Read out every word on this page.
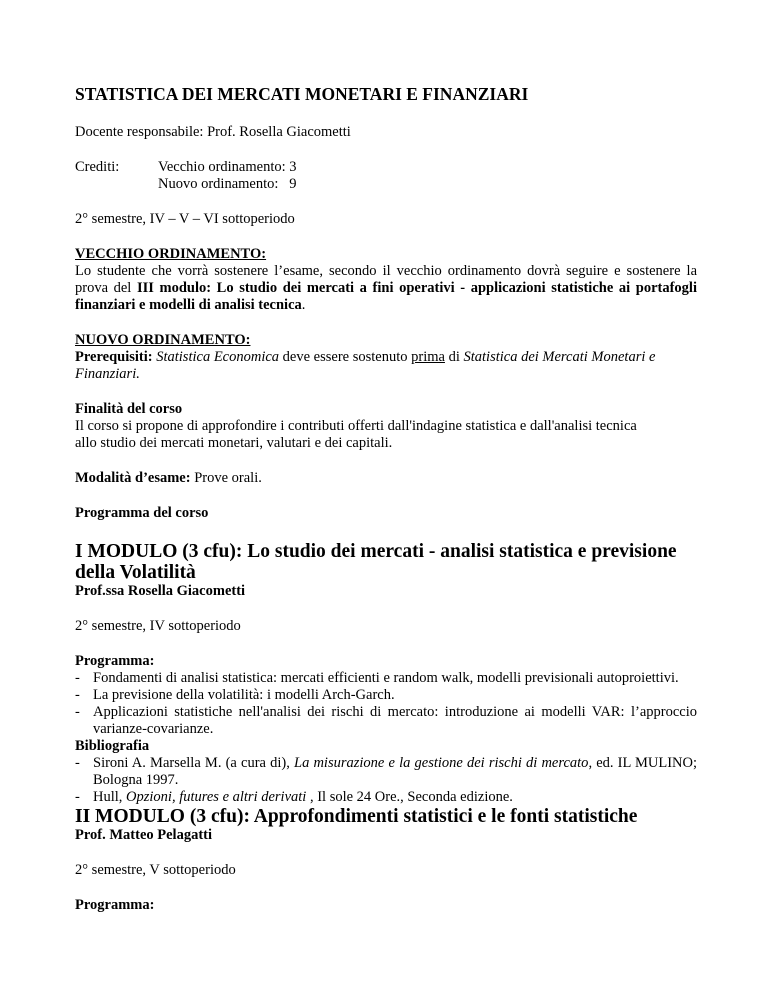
STATISTICA DEI MERCATI MONETARI E FINANZIARI

Docente responsabile: Prof. Rosella Giacometti

Crediti:	Vecchio ordinamento: 3
Nuovo ordinamento:   9

2° semestre, IV – V – VI sottoperiodo

VECCHIO ORDINAMENTO:

Lo studente che vorrà sostenere l’esame, secondo il vecchio ordinamento dovrà seguire e sostenere la prova del III modulo: Lo studio dei mercati a fini operativi - applicazioni statistiche ai portafogli finanziari e modelli di analisi tecnica.

NUOVO ORDINAMENTO:

Prerequisiti: Statistica Economica deve essere sostenuto prima di Statistica dei Mercati Monetari e Finanziari.

Finalità del corso

Il corso si propone di approfondire i contributi offerti dall'indagine statistica e dall'analisi tecnica

allo studio dei mercati monetari, valutari e dei capitali.

Modalità d’esame: Prove orali.

Programma del corso

I MODULO (3 cfu): Lo studio dei mercati - analisi statistica e previsione della Volatilità

Prof.ssa Rosella Giacometti

2° semestre, IV sottoperiodo

Programma:

- Fondamenti di analisi statistica: mercati efficienti e random walk, modelli previsionali autoproiettivi.
- La previsione della volatilità: i modelli Arch-Garch.
- Applicazioni statistiche nell'analisi dei rischi di mercato: introduzione ai modelli VAR: l’approccio varianze-covarianze.

Bibliografia

- Sironi A. Marsella M. (a cura di), La misurazione e la gestione dei rischi di mercato, ed. IL MULINO; Bologna 1997.
- Hull, Opzioni, futures e altri derivati , Il sole 24 Ore., Seconda edizione.
II MODULO (3 cfu): Approfondimenti statistici e le fonti statistiche

Prof. Matteo Pelagatti

2° semestre, V sottoperiodo

Programma:
